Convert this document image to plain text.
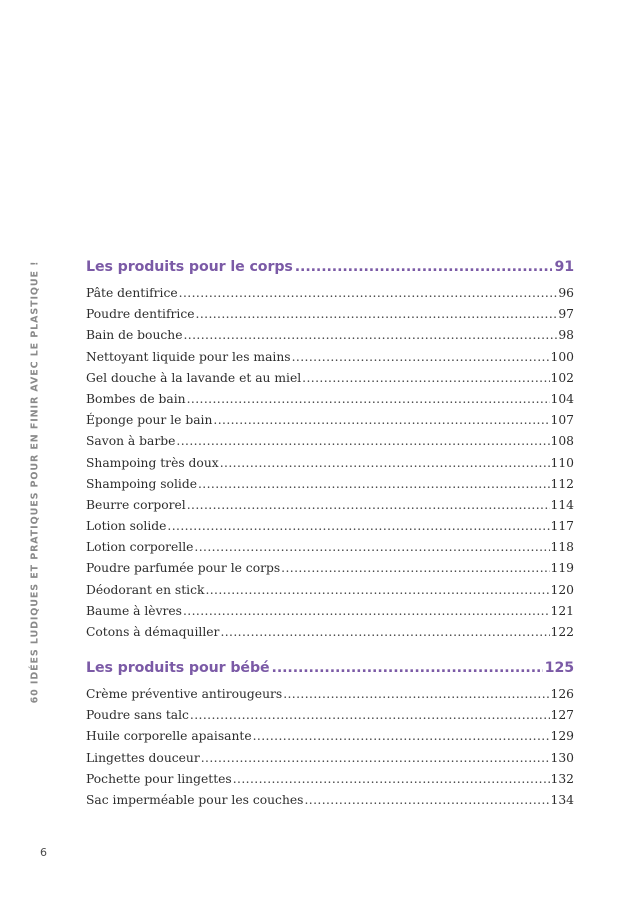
60 IDÉES LUDIQUES ET PRATIQUES POUR EN FINIR AVEC LE PLASTIQUE !	Les produits pour le corps .....	91
Pâte dentifrice .....	96
Poudre dentifrice .....	97
Bain de bouche .....	98
Nettoyant liquide pour les mains .....	100
Gel douche à la lavande et au miel .....	102
Bombes de bain .....	104
Éponge pour le bain .....	107
Savon à barbe .....	108
Shampoing très doux .....	110
Shampoing solide .....	112
Beurre corporel .....	114
Lotion solide .....	117
Lotion corporelle .....	118
Poudre parfumée pour le corps .....	119
Déodorant en stick .....	120
Baume à lèvres .....	121
Cotons à démaquiller .....	122
Les produits pour bébé .....	125
Crème préventive antirougeurs .....	126
Poudre sans talc .....	127
Huile corporelle apaisante .....	129
Lingettes douceur .....	130
Pochette pour lingettes .....	132
Sac imperméable pour les couches .....	134
6
